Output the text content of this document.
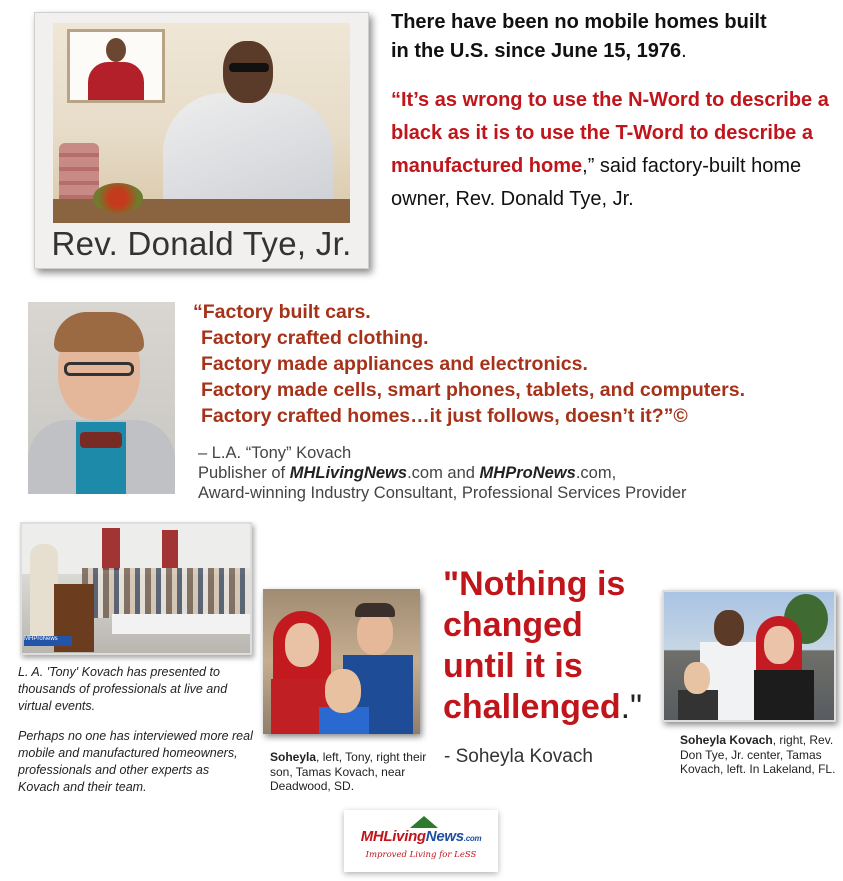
Rev. Donald Tye, Jr.
There have been no mobile homes built
in the U.S. since June 15, 1976.
“It’s as wrong to use the N-Word to describe a black as it is to use the T-Word to describe a manufactured home,” said factory-built home owner, Rev. Donald Tye, Jr.
“Factory built cars.
Factory crafted clothing.
Factory made appliances and electronics.
Factory made cells, smart phones, tablets, and computers.
Factory crafted homes…it just follows, doesn’t it?”©
– L.A. “Tony” Kovach
Publisher of MHLivingNews.com and MHProNews.com,
Award-winning Industry Consultant, Professional Services Provider
MHProNews

L. A. 'Tony' Kovach has presented to thousands of professionals at live and virtual events.

Perhaps no one has interviewed more real mobile and manufactured homeowners, professionals and other experts as Kovach and their team.

Soheyla, left, Tony, right their son, Tamas Kovach, near Deadwood, SD.
"Nothing is changed until it is challenged."
- Soheyla Kovach
Soheyla Kovach, right, Rev. Don Tye, Jr. center, Tamas Kovach, left. In Lakeland, FL.
MHLivingNews.com
Improved Living for LeSS
